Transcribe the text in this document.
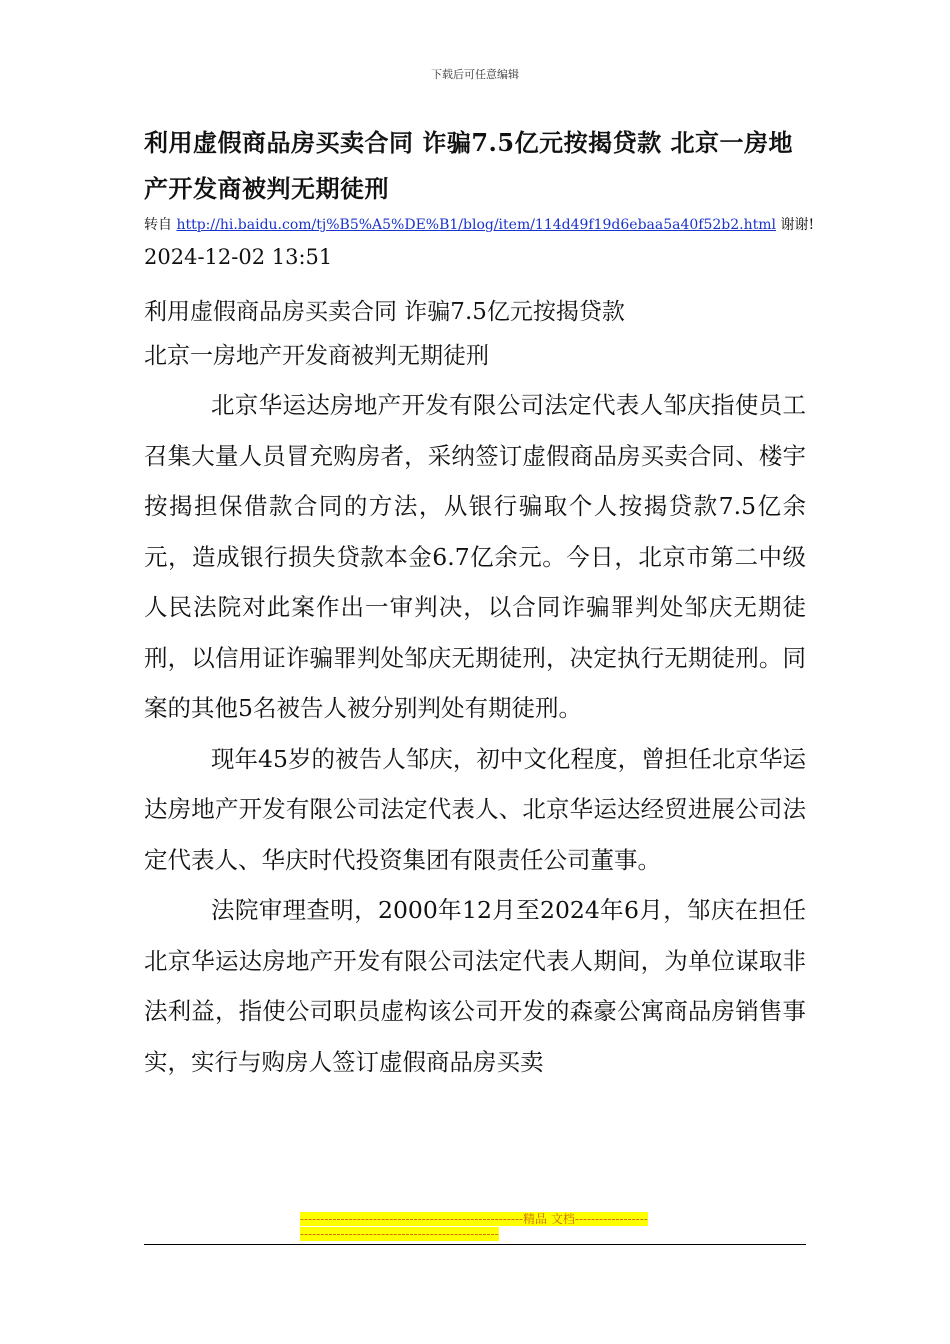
下载后可任意编辑
利用虚假商品房买卖合同 诈骗7.5亿元按揭贷款 北京一房地产开发商被判无期徒刑
转自 http://hi.baidu.com/tj%B5%A5%DE%B1/blog/item/114d49f19d6ebaa5a40f52b2.html 谢谢!
2024-12-02 13:51

利用虚假商品房买卖合同 诈骗7.5亿元按揭贷款

北京一房地产开发商被判无期徒刑

北京华运达房地产开发有限公司法定代表人邹庆指使员工召集大量人员冒充购房者，采纳签订虚假商品房买卖合同、楼宇按揭担保借款合同的方法，从银行骗取个人按揭贷款7.5亿余元，造成银行损失贷款本金6.7亿余元。今日，北京市第二中级人民法院对此案作出一审判决，以合同诈骗罪判处邹庆无期徒刑，以信用证诈骗罪判处邹庆无期徒刑，决定执行无期徒刑。同案的其他5名被告人被分别判处有期徒刑。

现年45岁的被告人邹庆，初中文化程度，曾担任北京华运达房地产开发有限公司法定代表人、北京华运达经贸进展公司法定代表人、华庆时代投资集团有限责任公司董事。

法院审理查明，2000年12月至2024年6月，邹庆在担任北京华运达房地产开发有限公司法定代表人期间，为单位谋取非法利益，指使公司职员虚构该公司开发的森豪公寓商品房销售事实，实行与购房人签订虚假商品房买卖

-------------------------------------------------------精品 文档-------------------------------------------------------------------
